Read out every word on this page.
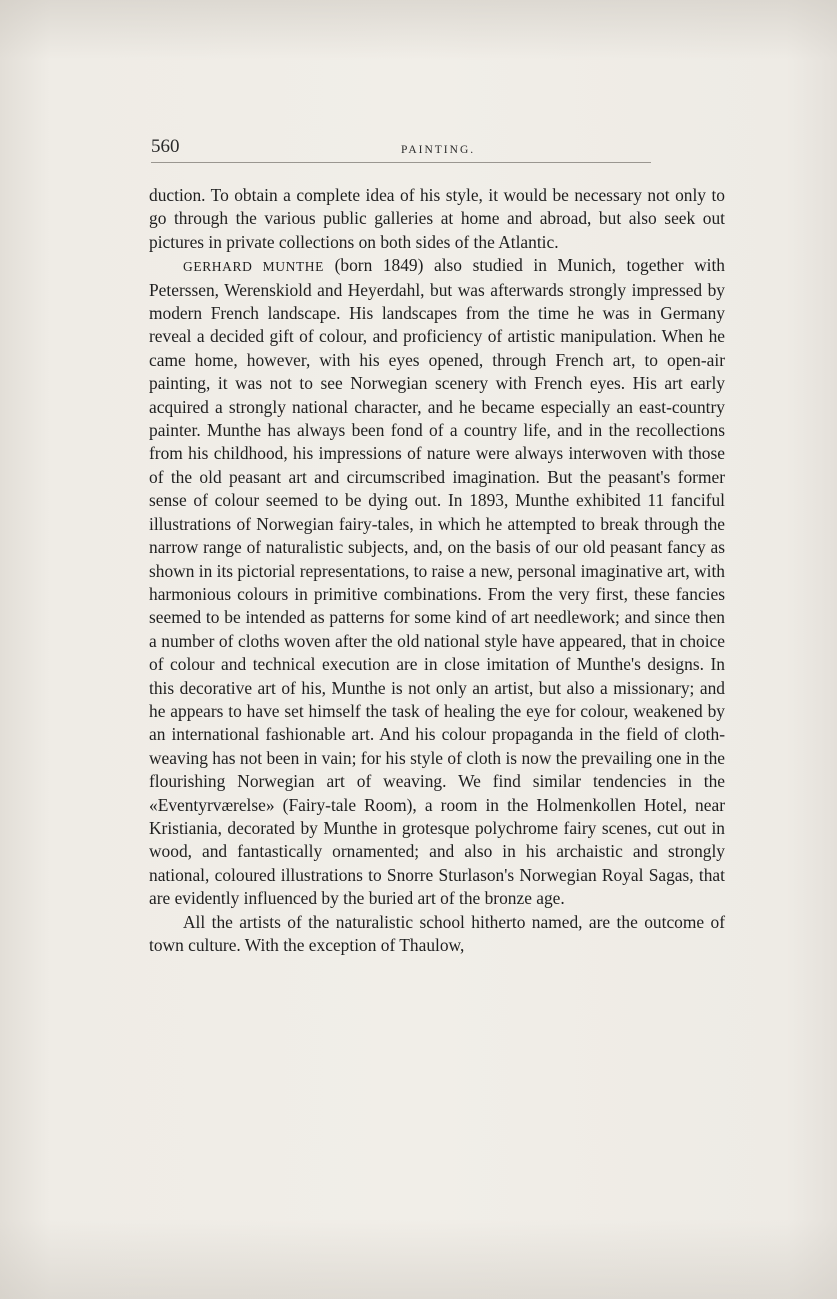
560	PAINTING.

duction. To obtain a complete idea of his style, it would be necessary not only to go through the various public galleries at home and abroad, but also seek out pictures in private collections on both sides of the Atlantic.

GERHARD MUNTHE (born 1849) also studied in Munich, together with Peterssen, Werenskiold and Heyerdahl, but was afterwards strongly impressed by modern French landscape. His landscapes from the time he was in Germany reveal a decided gift of colour, and proficiency of artistic manipulation. When he came home, however, with his eyes opened, through French art, to open-air painting, it was not to see Norwegian scenery with French eyes. His art early acquired a strongly national character, and he became especially an east-country painter. Munthe has always been fond of a country life, and in the recollections from his childhood, his impressions of nature were always interwoven with those of the old peasant art and circumscribed imagination. But the peasant's former sense of colour seemed to be dying out. In 1893, Munthe exhibited 11 fanciful illustrations of Norwegian fairy-tales, in which he attempted to break through the narrow range of naturalistic subjects, and, on the basis of our old peasant fancy as shown in its pictorial representations, to raise a new, personal imaginative art, with harmonious colours in primitive combinations. From the very first, these fancies seemed to be intended as patterns for some kind of art needlework; and since then a number of cloths woven after the old national style have appeared, that in choice of colour and technical execution are in close imitation of Munthe's designs. In this decorative art of his, Munthe is not only an artist, but also a missionary; and he appears to have set himself the task of healing the eye for colour, weakened by an international fashionable art. And his colour propaganda in the field of cloth-weaving has not been in vain; for his style of cloth is now the prevailing one in the flourishing Norwegian art of weaving. We find similar tendencies in the «Eventyrværelse» (Fairy-tale Room), a room in the Holmenkollen Hotel, near Kristiania, decorated by Munthe in grotesque polychrome fairy scenes, cut out in wood, and fantastically ornamented; and also in his archaistic and strongly national, coloured illustrations to Snorre Sturlason's Norwegian Royal Sagas, that are evidently influenced by the buried art of the bronze age.

All the artists of the naturalistic school hitherto named, are the outcome of town culture. With the exception of Thaulow,
